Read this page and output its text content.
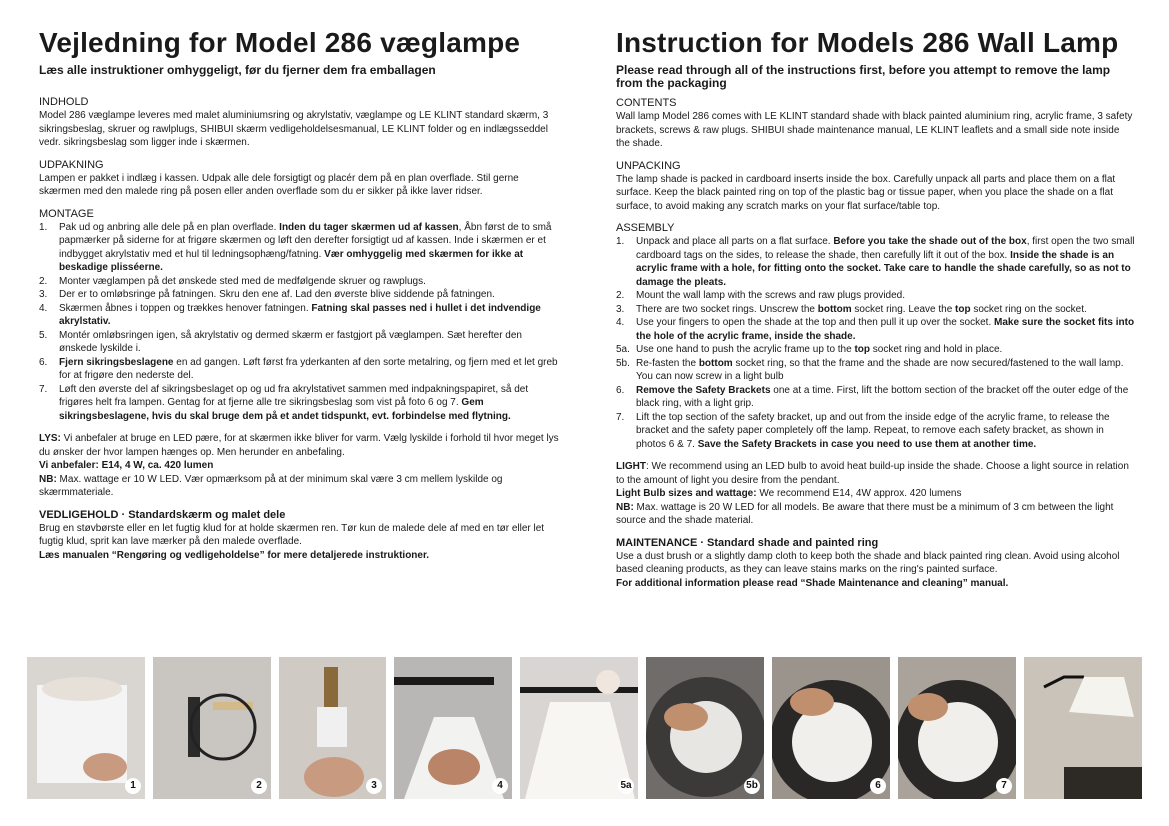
Vejledning for Model 286 væglampe
Læs alle instruktioner omhyggeligt, før du fjerner dem fra emballagen
INDHOLD

Model 286 væglampe leveres med malet aluminiumsring og akrylstativ, væglampe og LE KLINT standard skærm, 3 sikringsbeslag, skruer og rawlplugs, SHIBUI skærm vedligeholdelsesmanual, LE KLINT folder og en indlægsseddel vedr. sikringsbeslag som ligger inde i skærmen.

UDPAKNING

Lampen er pakket i indlæg i kassen. Udpak alle dele forsigtigt og placér dem på en plan overflade. Stil gerne skærmen med den malede ring på posen eller anden overflade som du er sikker på ikke laver ridser.

MONTAGE
1. Pak ud og anbring alle dele på en plan overflade. Inden du tager skærmen ud af kassen, Åbn først de to små papmærker på siderne for at frigøre skærmen og løft den derefter forsigtigt ud af kassen. Inde i skærmen er et indbygget akrylstativ med et hul til ledningsophæng/fatning. Vær omhyggelig med skærmen for ikke at beskadige plisséerne.
2. Monter væglampen på det ønskede sted med de medfølgende skruer og rawplugs.
3. Der er to omløbsringe på fatningen. Skru den ene af. Lad den øverste blive siddende på fatningen.
4. Skærmen åbnes i toppen og trækkes henover fatningen. Fatning skal passes ned i hullet i det indvendige akrylstativ.
5. Montér omløbsringen igen, så akrylstativ og dermed skærm er fastgjort på væglampen. Sæt herefter den ønskede lyskilde i.
6. Fjern sikringsbeslagene en ad gangen. Løft først fra yderkanten af den sorte metalring, og fjern med et let greb for at frigøre den nederste del.
7. Løft den øverste del af sikringsbeslaget op og ud fra akrylstativet sammen med indpakningspapiret, så det frigøres helt fra lampen. Gentag for at fjerne alle tre sikringsbeslag som vist på foto 6 og 7. Gem sikringsbeslagene, hvis du skal bruge dem på et andet tidspunkt, evt. forbindelse med flytning.

LYS: Vi anbefaler at bruge en LED pære, for at skærmen ikke bliver for varm. Vælg lyskilde i forhold til hvor meget lys du ønsker der hvor lampen hænges op. Men herunder en anbefaling.

Vi anbefaler: E14, 4 W, ca. 420 lumen

NB: Max. wattage er 10 W LED. Vær opmærksom på at der minimum skal være 3 cm mellem lyskilde og skærmmateriale.

VEDLIGEHOLD · Standardskærm og malet dele

Brug en støvbørste eller en let fugtig klud for at holde skærmen ren. Tør kun de malede dele af med en tør eller let fugtig klud, sprit kan lave mærker på den malede overflade.

Læs manualen “Rengøring og vedligeholdelse” for mere detaljerede instruktioner.

Instruction for Models 286 Wall Lamp
Please read through all of the instructions first, before you attempt to remove the lamp from the packaging
CONTENTS

Wall lamp Model 286 comes with LE KLINT standard shade with black painted aluminium ring, acrylic frame, 3 safety brackets, screws & raw plugs. SHIBUI shade maintenance manual, LE KLINT leaflets and a small side note inside the shade.

UNPACKING

The lamp shade is packed in cardboard inserts inside the box. Carefully unpack all parts and place them on a flat surface. Keep the black painted ring on top of the plastic bag or tissue paper, when you place the shade on a flat surface, to avoid making any scratch marks on your flat surface/table top.

ASSEMBLY
1. Unpack and place all parts on a flat surface. Before you take the shade out of the box, first open the two small cardboard tags on the sides, to release the shade, then carefully lift it out of the box. Inside the shade is an acrylic frame with a hole, for fitting onto the socket. Take care to handle the shade carefully, so as not to damage the pleats.
2. Mount the wall lamp with the screws and raw plugs provided.
3. There are two socket rings. Unscrew the bottom socket ring. Leave the top socket ring on the socket.
4. Use your fingers to open the shade at the top and then pull it up over the socket. Make sure the socket fits into the hole of the acrylic frame, inside the shade.
5a. Use one hand to push the acrylic frame up to the top socket ring and hold in place.
5b. Re-fasten the bottom socket ring, so that the frame and the shade are now secured/fastened to the wall lamp. You can now screw in a light bulb
6. Remove the Safety Brackets one at a time. First, lift the bottom section of the bracket off the outer edge of the black ring, with a light grip.
7. Lift the top section of the safety bracket, up and out from the inside edge of the acrylic frame, to release the bracket and the safety paper completely off the lamp. Repeat, to remove each safety bracket, as shown in photos 6 & 7. Save the Safety Brackets in case you need to use them at another time.

LIGHT: We recommend using an LED bulb to avoid heat build-up inside the shade. Choose a light source in relation to the amount of light you desire from the pendant.

Light Bulb sizes and wattage: We recommend E14, 4W approx. 420 lumens

NB: Max. wattage is 20 W LED for all models. Be aware that there must be a minimum of 3 cm between the light source and the shade material.

MAINTENANCE · Standard shade and painted ring

Use a dust brush or a slightly damp cloth to keep both the shade and black painted ring clean. Avoid using alcohol based cleaning products, as they can leave stains marks on the ring's painted surface.

For additional information please read “Shade Maintenance and cleaning” manual.

1	2	3	4	5a	5b	6	7
